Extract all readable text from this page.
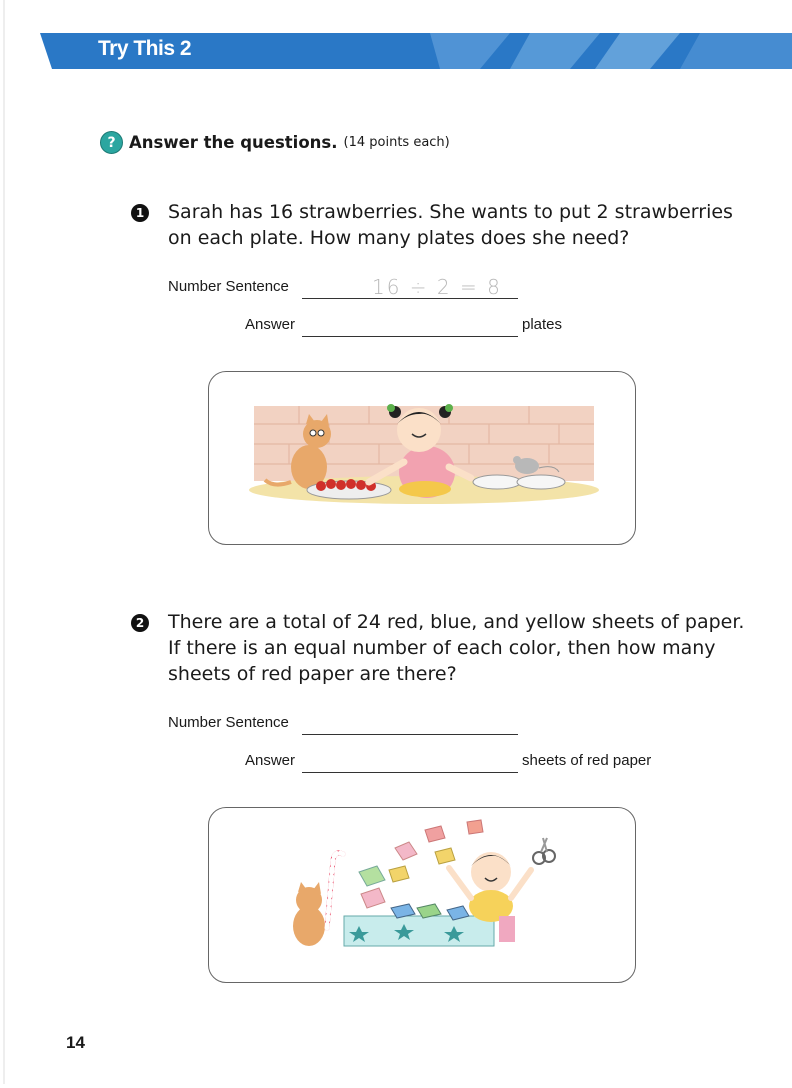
Try This 2
? Answer the questions. (14 points each)
1 Sarah has 16 strawberries. She wants to put 2 strawberries
on each plate. How many plates does she need?
Number Sentence	16 ÷ 2 = 8
Answer	plates
2 There are a total of 24 red, blue, and yellow sheets of paper.
If there is an equal number of each color, then how many
sheets of red paper are there?
Number Sentence
Answer	sheets of red paper
14
